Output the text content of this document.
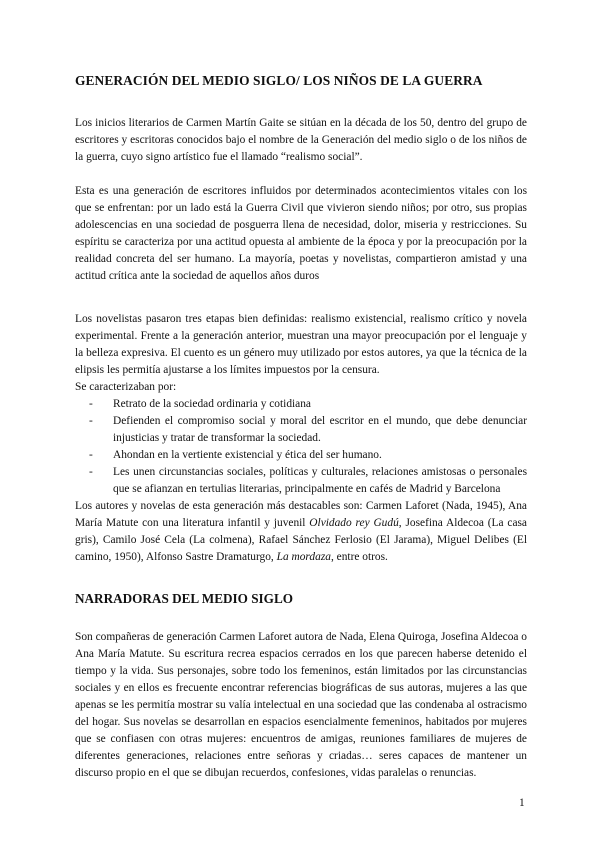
GENERACIÓN DEL MEDIO SIGLO/ LOS NIÑOS DE LA GUERRA

Los inicios literarios de Carmen Martín Gaite se sitúan en la década de los 50, dentro del grupo de escritores y escritoras conocidos bajo el nombre de la Generación del medio siglo o de los niños de la guerra, cuyo signo artístico fue el llamado “realismo social”.

Esta es una generación de escritores influidos por determinados acontecimientos vitales con los que se enfrentan: por un lado está la Guerra Civil que vivieron siendo niños; por otro, sus propias adolescencias en una sociedad de posguerra llena de necesidad, dolor, miseria y restricciones. Su espíritu se caracteriza por una actitud opuesta al ambiente de la época y por la preocupación por la realidad concreta del ser humano. La mayoría, poetas y novelistas, compartieron amistad y una actitud crítica ante la sociedad de aquellos años duros

Los novelistas pasaron tres etapas bien definidas: realismo existencial, realismo crítico y novela experimental. Frente a la generación anterior, muestran una mayor preocupación por el lenguaje y la belleza expresiva. El cuento es un género muy utilizado por estos autores, ya que la técnica de la elipsis les permitía ajustarse a los límites impuestos por la censura.

Se caracterizaban por:

- Retrato de la sociedad ordinaria y cotidiana
- Defienden el compromiso social y moral del escritor en el mundo, que debe denunciar injusticias y tratar de transformar la sociedad.
- Ahondan en la vertiente existencial y ética del ser humano.
- Les unen circunstancias sociales, políticas y culturales, relaciones amistosas o personales que se afianzan en tertulias literarias, principalmente en cafés de Madrid y Barcelona

Los autores y novelas de esta generación más destacables son: Carmen Laforet (Nada, 1945), Ana María Matute con una literatura infantil y juvenil Olvidado rey Gudú, Josefina Aldecoa (La casa gris), Camilo José Cela (La colmena), Rafael Sánchez Ferlosio (El Jarama), Miguel Delibes (El camino, 1950), Alfonso Sastre Dramaturgo, La mordaza, entre otros.

NARRADORAS DEL MEDIO SIGLO

Son compañeras de generación Carmen Laforet autora de Nada, Elena Quiroga, Josefina Aldecoa o Ana María Matute. Su escritura recrea espacios cerrados en los que parecen haberse detenido el tiempo y la vida. Sus personajes, sobre todo los femeninos, están limitados por las circunstancias sociales y en ellos es frecuente encontrar referencias biográficas de sus autoras, mujeres a las que apenas se les permitía mostrar su valía intelectual en una sociedad que las condenaba al ostracismo del hogar. Sus novelas se desarrollan en espacios esencialmente femeninos, habitados por mujeres que se confiasen con otras mujeres: encuentros de amigas, reuniones familiares de mujeres de diferentes generaciones, relaciones entre señoras y criadas… seres capaces de mantener un discurso propio en el que se dibujan recuerdos, confesiones, vidas paralelas o renuncias.

1
